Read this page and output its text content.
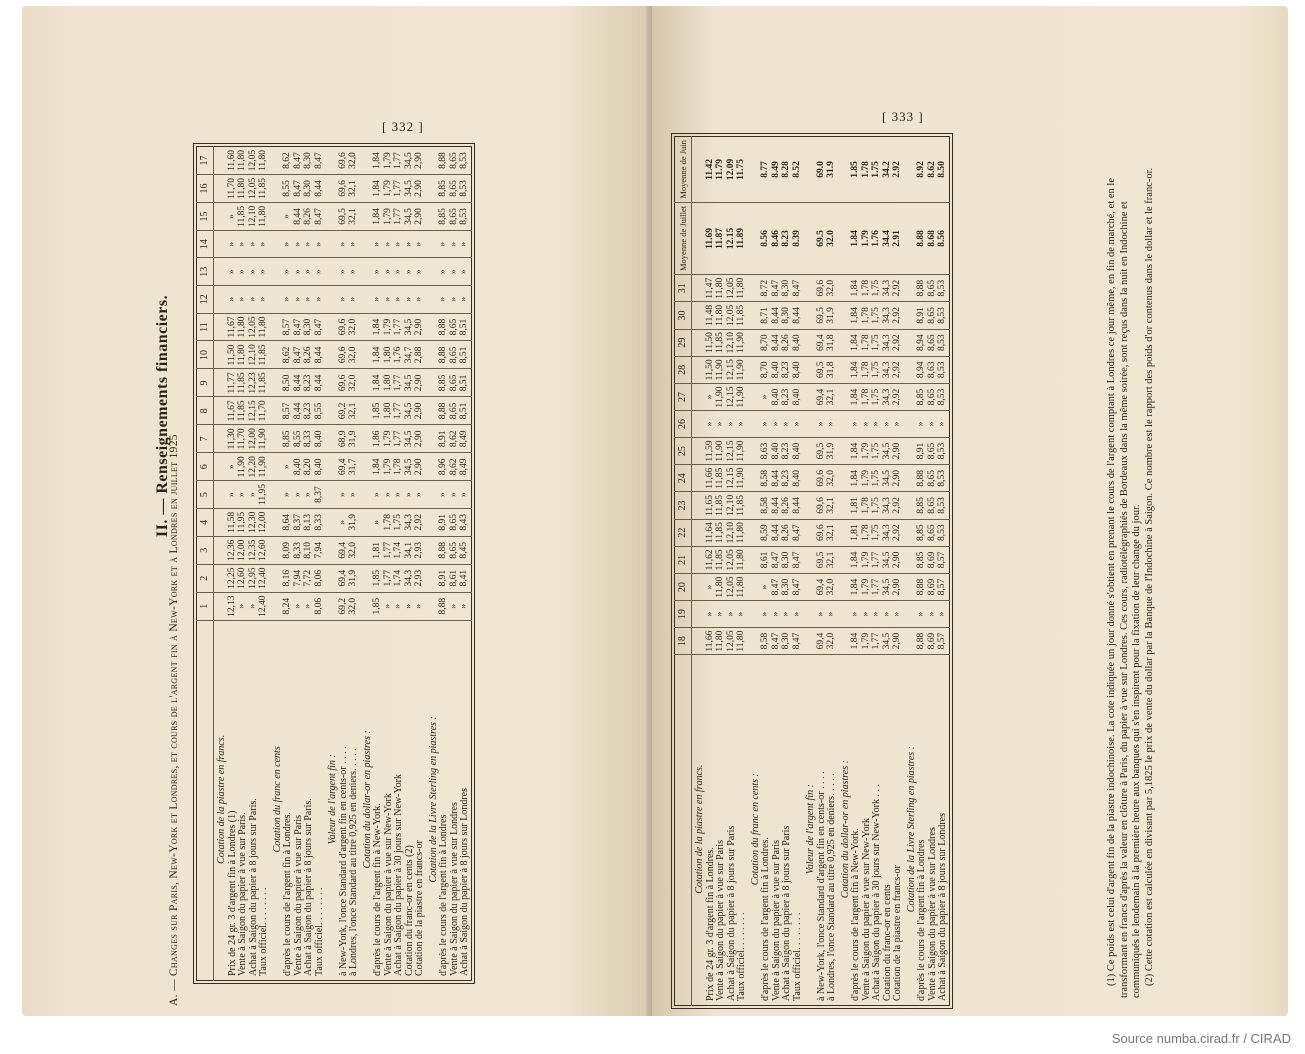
[ 332 ]
II. — Renseignements financiers.
A. — Changes sur Paris, New-York et Londres, et cours de l'argent fin à New-York et à Londres en juillet 1925
	1	2	3	4	5	6	7	8	9	10	11	12	13	14	15	16	17
Cotation de la piastre en francs.																	
Prix de 24 gr. 3 d'argent fin à Londres (1)	12,13	12,25	12,36	11,58	»	»	11,30	11,67	11,77	11,50	11,67	»	»	»	»	11,70	11,60
Vente à Saigon du papier à vue sur Paris.	»	12,60	12,00	11,95	»	11,90	11,70	11,85	11,85	11,80	11,80	»	»	»	11,85	11,80	11,80
Achat à Saigon du papier à 8 jours sur Paris.	»	12,95	12,35	12,30	»	12,20	12,00	12,15	12,23	12,10	12,05	»	»	»	12,10	12,05	12,05
Taux officiel. . . . . . . .	12,40	12,40	12,60	12,00	11,95	11,90	11,90	11,70	11,85	11,85	11,80	»	»	»	11,80	11,85	11,80
Cotation du franc en cents																	
d'après le cours de l'argent fin à Londres.	8,24	8,16	8,09	8,64	»	»	8,85	8,57	8,50	8,62	8,57	»	»	»	»	8,55	8,62
Vente à Saigon du papier à vue sur Paris	»	7,94	8,33	8,37	»	8,40	8,55	8,44	8,44	8,47	8,47	»	»	»	8,44	8,47	8,47
Achat à Saigon du papier à 8 jours sur Paris.	»	7,72	8,10	8,13	»	8,20	8,33	8,23	8,23	8,26	8,30	»	»	»	8,26	8,30	8,30
Taux officiel. . . . . . . .	8,06	8,06	7,94	8,33	8,37	8,40	8,40	8,55	8,44	8,44	8,47	»	»	»	8,47	8,44	8,47
Valeur de l'argent fin :																	
à New-York, l'once Standard d'argent fin en cents-or . . . .	69,2	69,4	69,4	»	»	69,4	68,9	69,2	69,6	69,6	69,6	»	»	»	69,5	69,6	69,6
à Londres, l'once Standard au titre 0,925 en deniers. . . . .	32,0	31,9	32,0	31,9	»	31,7	31,9	32,1	32,0	32,0	32,0	»	»	»	32,1	32,1	32,0
Cotation du dollar-or en piastres :																	
d'après le cours de l'argent fin à New-York.	1,85	1,85	1,81	»	»	1,84	1,86	1,85	1,84	1,84	1,84	»	»	»	1,84	1,84	1,84
Vente à Saigon du papier à vue sur New-York	»	1,77	1,77	1,78	»	1,79	1,79	1,80	1,80	1,80	1,79	»	»	»	1,79	1,79	1,79
Achat à Saigon du papier à 30 jours sur New-York	»	1,74	1,74	1,75	»	1,78	1,77	1,77	1,77	1,76	1,77	»	»	»	1,77	1,77	1,77
Cotation du franc-or en cents (2)	»	34,3	34,1	34,3	»	34,5	34,5	34,5	34,5	34,7	34,5	»	»	»	34,5	34,5	34,5
Cotation de la piastre en francs-or	»	2,93	2,93	2,92	»	2,90	2,90	2,90	2,90	2,88	2,90	»	»	»	2,90	2,90	2,90
Cotation de la Livre Sterling en piastres :																	
d'après le cours de l'argent fin à Londres	8,88	8,91	8,88	8,91	»	8,96	8,91	8,88	8,85	8,88	8,88	»	»	»	8,85	8,85	8,88
Vente à Saigon du papier à vue sur Londres	»	8,61	8,65	8,65	»	8,62	8,62	8,65	8,65	8,65	8,65	»	»	»	8,65	8,65	8,65
Achat à Saigon du papier à 8 jours sur Londres	»	8,41	8,45	8,43	»	8,49	8,49	8,51	8,51	8,51	8,51	»	»	»	8,53	8,53	8,53
[ 333 ]
	18	19	20	21	22	23	24	25	26	27	28	29	30	31	Moyenne de Juillet	Moyenne de Juin
Cotation de la piastre en francs.																
Prix de 24 gr. 3 d'argent fin à Londres.	11,66	»	»	11,62	11,64	11,65	11,66	11,59	»	»	11,50	11,50	11,48	11,47	11.69	11.42
Vente à Saigon du papier à vue sur Paris	11,80	»	11,80	11,85	11,85	11,85	11,85	11,90	»	11,90	11,90	11,85	11,80	11,80	11.87	11.79
Achat à Saigon du papier à 8 jours sur Paris	12,05	»	12,05	12,05	12,10	12,10	12,15	12,15	»	12,15	12,15	12,10	12,05	12,05	12.15	12.09
Taux officiel. . . . . . . .	11,80	»	11,80	11,80	11,80	11,85	11,90	11,90	»	11,90	11,90	11,90	11,85	11,80	11.89	11.75
Cotation du franc en cents :																
d'après le cours de l'argent fin à Londres.	8,58	»	»	8,61	8,59	8,58	8,58	8,63	»	»	8,70	8,70	8,71	8,72	8.56	8.77
Vente à Saigon du papier à vue sur Paris	8,47	»	8,47	8,47	8,44	8,44	8,44	8,40	»	8,40	8,40	8,44	8,44	8,47	8.46	8.49
Achat à Saigon du papier à 8 jours sur Paris	8,30	»	8,30	8,30	8,26	8,26	8,23	8,23	»	8,23	8,23	8,26	8,30	8,30	8.23	8.28
Taux officiel. . . . . . . .	8,47	»	8,47	8,47	8,47	8,44	8,40	8,40	»	8,40	8,40	8,40	8,44	8,47	8.39	8.52
Valeur de l'argent fin :																
à New-York, l'once Standard d'argent fin en cents-or . . . .	69,4	»	69,4	69,5	69,6	69,6	69,6	69,5	»	69,4	69,5	69,4	69,5	69,6	69.5	69.0
à Londres, l'once Standard au titre 0,925 en deniers. . . . .	32,0	»	32,0	32,1	32,1	32,1	32,0	31,9	»	32,1	31,8	31,8	31,9	32,0	32.0	31.9
Cotation du dollar-or en piastres :																
d'après le cours de l'argent fin à New-York.	1,84	»	1,84	1,84	1,81	1,81	1,84	1,84	»	1,84	1,84	1,84	1,84	1,84	1.84	1.85
Vente à Saigon du papier à vue sur New-York	1,79	»	1,79	1,79	1,78	1,78	1,79	1,79	»	1,78	1,78	1,78	1,78	1,78	1.79	1.78
Achat à Saigon du papier à 30 jours sur New-York . . .	1,77	»	1,77	1,77	1,75	1,75	1,75	1,75	»	1,75	1,75	1,75	1,75	1,75	1.76	1.75
Cotation du franc-or en cents	34,5	»	34,5	34,5	34,3	34,3	34,5	34,5	»	34,3	34,3	34,3	34,3	34,3	34.4	34.2
Cotation de la piastre en francs-or	2,90	»	2,90	2,90	2,92	2,92	2,90	2,90	»	2,92	2,92	2,92	2,92	2,92	2.91	2.92
Cotation de la Livre Sterling en piastres :																
d'après le cours de l'argent fin à Londres	8,88	»	8,88	8,85	8,85	8,85	8,88	8,91	»	8,85	8,94	8,94	8,91	8,88	8.88	8.92
Vente à Saigon du papier à vue sur Londres	8,69	»	8,69	8,69	8,65	8,65	8,65	8,65	»	8,65	8,63	8,65	8,65	8,65	8.68	8.62
Achat à Saigon du papier à 8 jours sur Londres	8,57	»	8,57	8,57	8,53	8,53	8,53	8,53	»	8,53	8,53	8,53	8,53	8,53	8.56	8.50

(1) Ce poids est celui d'argent fin de la piastre indochinoise. La cote indiquée un jour donné s'obtient en prenant le cours de l'argent comptant à Londres ce jour même, en fin de marché, et en le transformant en francs d'après la valeur en clôture à Paris, du papier à vue sur Londres. Ces cours, radiotélégraphiés de Bordeaux dans la même soirée, sont reçus dans la nuit en Indochine et communiqués le lendemain à la première heure aux banques qui s'en inspirent pour la fixation de leur change du jour. (2) Cette cotation est calculée en divisant par 5,1825 le prix de vente du dollar par la Banque de l'Indochine à Saigon. Ce nombre est le rapport des poids d'or contenus dans le dollar et le franc-or.

Source numba.cirad.fr / CIRAD
